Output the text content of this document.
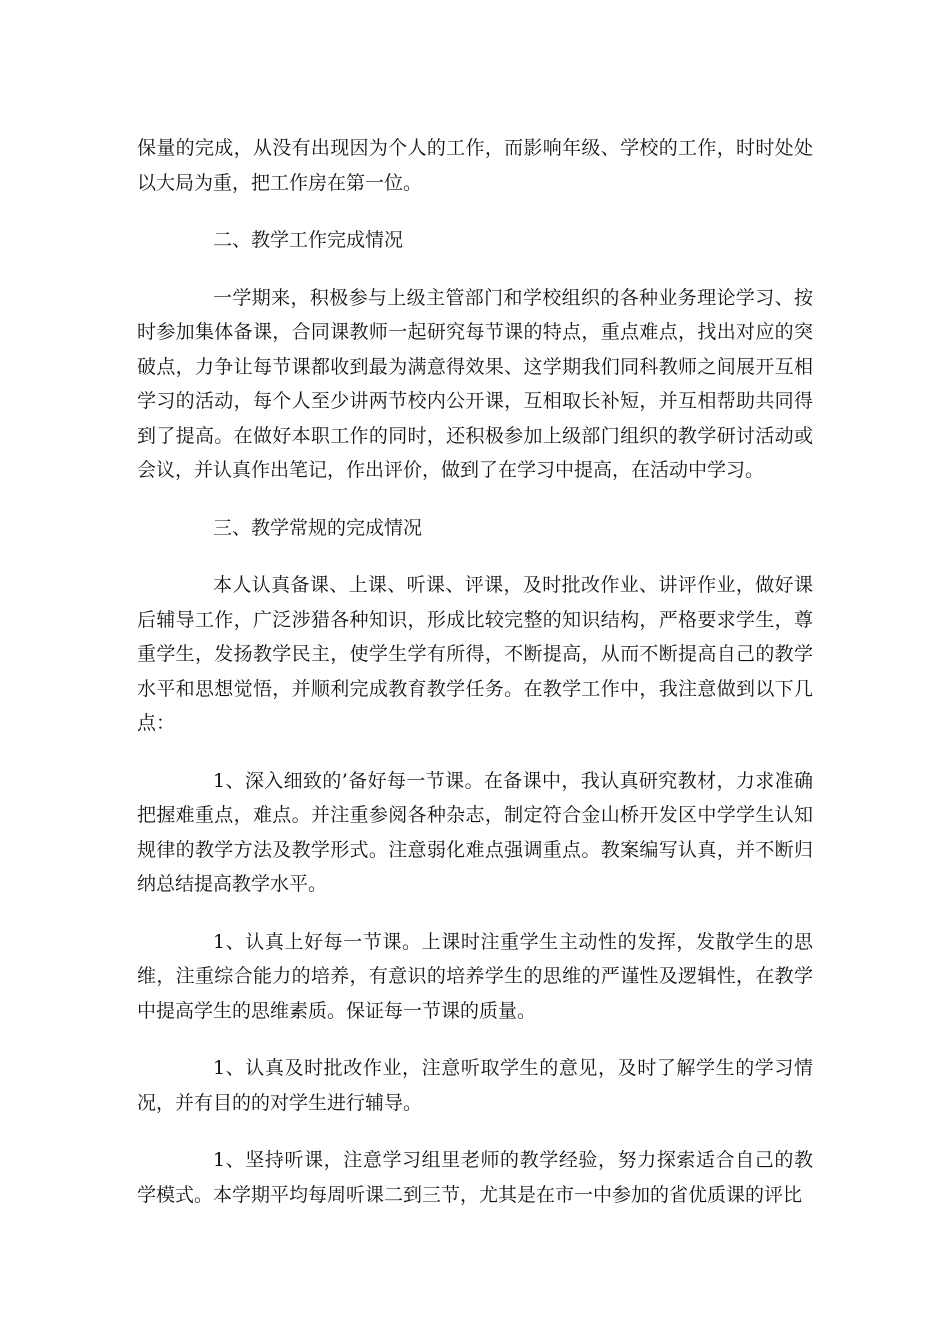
保量的完成，从没有出现因为个人的工作，而影响年级、学校的工作，时时处处以大局为重，把工作房在第一位。

二、教学工作完成情况

一学期来，积极参与上级主管部门和学校组织的各种业务理论学习、按时参加集体备课，合同课教师一起研究每节课的特点，重点难点，找出对应的突破点，力争让每节课都收到最为满意得效果、这学期我们同科教师之间展开互相学习的活动，每个人至少讲两节校内公开课，互相取长补短，并互相帮助共同得到了提高。在做好本职工作的同时，还积极参加上级部门组织的教学研讨活动或会议，并认真作出笔记，作出评价，做到了在学习中提高，在活动中学习。

三、教学常规的完成情况

本人认真备课、上课、听课、评课，及时批改作业、讲评作业，做好课后辅导工作，广泛涉猎各种知识，形成比较完整的知识结构，严格要求学生，尊重学生，发扬教学民主，使学生学有所得，不断提高，从而不断提高自己的教学水平和思想觉悟，并顺利完成教育教学任务。在教学工作中，我注意做到以下几点：

1、深入细致的’备好每一节课。在备课中，我认真研究教材，力求准确把握难重点，难点。并注重参阅各种杂志，制定符合金山桥开发区中学学生认知规律的教学方法及教学形式。注意弱化难点强调重点。教案编写认真，并不断归纳总结提高教学水平。

1、认真上好每一节课。上课时注重学生主动性的发挥，发散学生的思维，注重综合能力的培养，有意识的培养学生的思维的严谨性及逻辑性，在教学中提高学生的思维素质。保证每一节课的质量。

1、认真及时批改作业，注意听取学生的意见，及时了解学生的学习情况，并有目的的对学生进行辅导。

1、坚持听课，注意学习组里老师的教学经验，努力探索适合自己的教学模式。本学期平均每周听课二到三节，尤其是在市一中参加的省优质课的评比
